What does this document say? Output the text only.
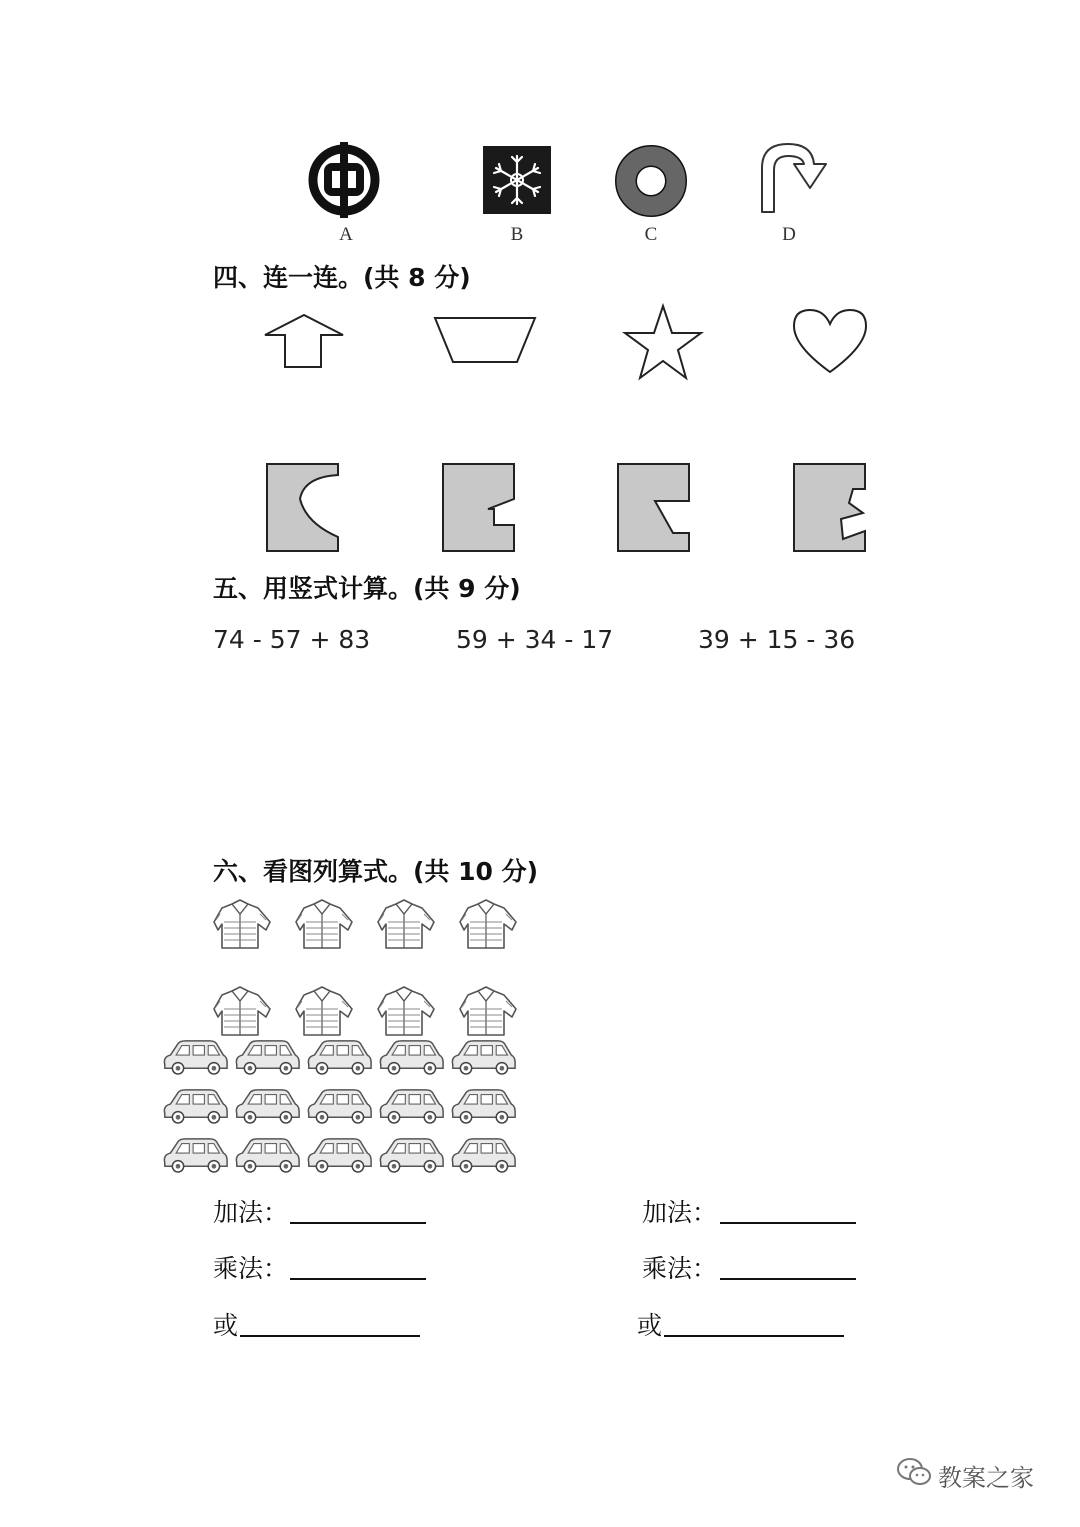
A	B	C	D
四、连一连。(共 8 分)
五、用竖式计算。(共 9 分)
74 - 57 + 83	59 + 34 - 17	39 + 15 - 36
六、看图列算式。(共 10 分)
加法：
乘法：
或
加法：
乘法：
或
教案之家
